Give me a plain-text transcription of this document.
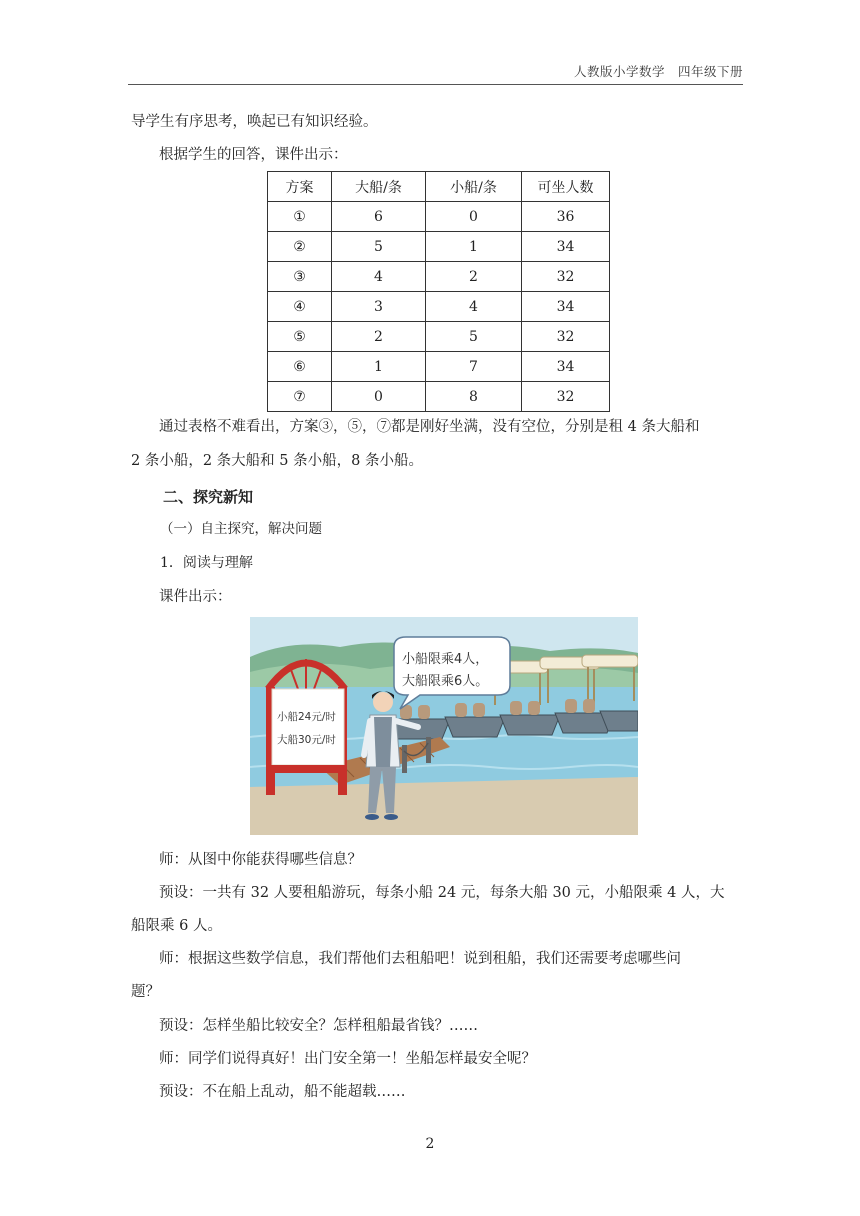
人教版小学数学　四年级下册
导学生有序思考，唤起已有知识经验。
根据学生的回答，课件出示：
方案	大船/条	小船/条	可坐人数
①	6	0	36
②	5	1	34
③	4	2	32
④	3	4	34
⑤	2	5	32
⑥	1	7	34
⑦	0	8	32
通过表格不难看出，方案③，⑤，⑦都是刚好坐满，没有空位，分别是租 4 条大船和
2 条小船，2 条大船和 5 条小船，8 条小船。
二、探究新知
（一）自主探究，解决问题
1．阅读与理解
课件出示：
小船24元/时
大船30元/时
小船限乘4人，
大船限乘6人。
师：从图中你能获得哪些信息？
预设：一共有 32 人要租船游玩，每条小船 24 元，每条大船 30 元，小船限乘 4 人，大
船限乘 6 人。
师：根据这些数学信息，我们帮他们去租船吧！说到租船，我们还需要考虑哪些问
题？
预设：怎样坐船比较安全？怎样租船最省钱？……
师：同学们说得真好！出门安全第一！坐船怎样最安全呢？
预设：不在船上乱动，船不能超载……
2
